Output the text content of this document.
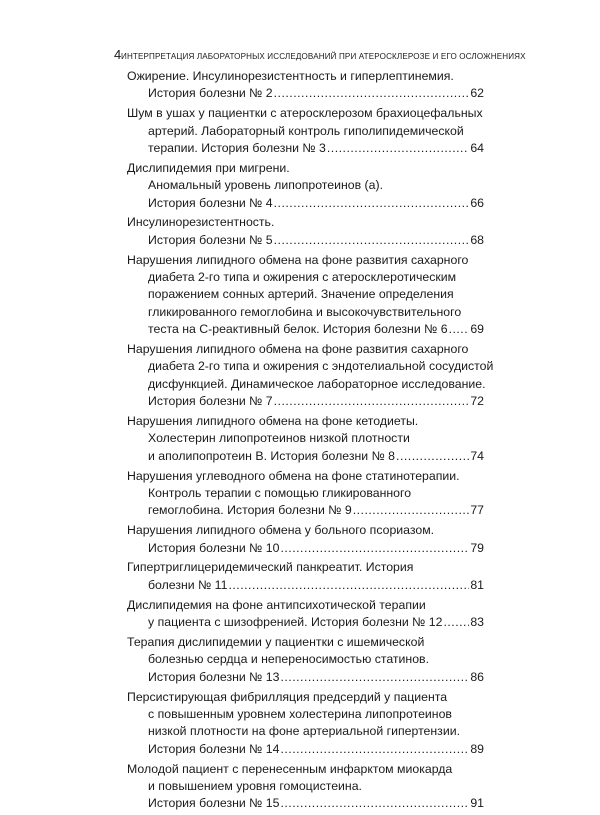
4 ИНТЕРПРЕТАЦИЯ ЛАБОРАТОРНЫХ ИССЛЕДОВАНИЙ ПРИ АТЕРОСКЛЕРОЗЕ И ЕГО ОСЛОЖНЕНИЯХ
Ожирение. Инсулинорезистентность и гиперлептинемия.
История болезни № 2 .....	62
Шум в ушах у пациентки с атеросклерозом брахиоцефальных
артерий. Лабораторный контроль гиполипидемической
терапии. История болезни № 3 .....	64
Дислипидемия при мигрени.
Аномальный уровень липопротеинов (а).
История болезни № 4 .....	66
Инсулинорезистентность.
История болезни № 5 .....	68
Нарушения липидного обмена на фоне развития сахарного
диабета 2-го типа и ожирения с атеросклеротическим
поражением сонных артерий. Значение определения
гликированного гемоглобина и высокочувствительного
теста на С-реактивный белок. История болезни № 6 ..... 69
Нарушения липидного обмена на фоне развития сахарного
диабета 2-го типа и ожирения с эндотелиальной сосудистой
дисфункцией. Динамическое лабораторное исследование.
История болезни № 7 .....	72
Нарушения липидного обмена на фоне кетодиеты.
Холестерин липопротеинов низкой плотности
и аполипопротеин В. История болезни № 8 .....	74
Нарушения углеводного обмена на фоне статинотерапии.
Контроль терапии с помощью гликированного
гемоглобина. История болезни № 9 .....	77
Нарушения липидного обмена у больного псориазом.
История болезни № 10 .....	79
Гипертриглицеридемический панкреатит. История
болезни № 11 .....	81
Дислипидемия на фоне антипсихотической терапии
у пациента с шизофренией. История болезни № 12 ..... 83
Терапия дислипидемии у пациентки с ишемической
болезнью сердца и непереносимостью статинов.
История болезни № 13 .....	86
Персистирующая фибрилляция предсердий у пациента
с повышенным уровнем холестерина липопротеинов
низкой плотности на фоне артериальной гипертензии.
История болезни № 14 .....	89
Молодой пациент с перенесенным инфарктом миокарда
и повышением уровня гомоцистеина.
История болезни № 15 .....	91
